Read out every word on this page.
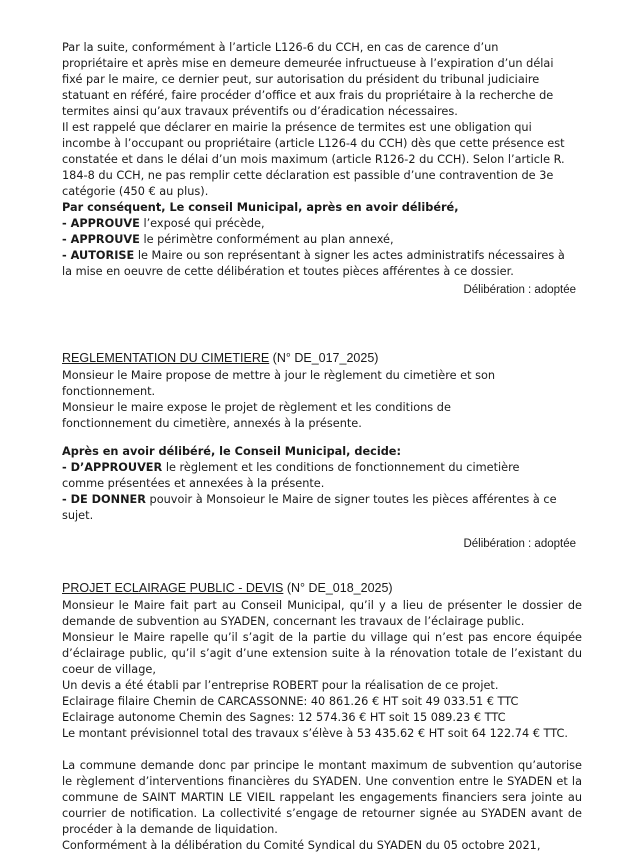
Par la suite, conformément à l’article L126-6 du CCH, en cas de carence d’un propriétaire et après mise en demeure demeurée infructueuse à l’expiration d’un délai fixé par le maire, ce dernier peut, sur autorisation du président du tribunal judiciaire statuant en référé, faire procéder d’office et aux frais du propriétaire à la recherche de termites ainsi qu’aux travaux préventifs ou d’éradication nécessaires.

Il est rappelé que déclarer en mairie la présence de termites est une obligation qui incombe à l’occupant ou propriétaire (article L126-4 du CCH) dès que cette présence est constatée et dans le délai d’un mois maximum (article R126-2 du CCH). Selon l’article R. 184-8 du CCH, ne pas remplir cette déclaration est passible d’une contravention de 3e catégorie (450 € au plus).

Par conséquent, Le conseil Municipal, après en avoir délibéré,

- APPROUVE l’exposé qui précède,

- APPROUVE le périmètre conformément au plan annexé,

- AUTORISE le Maire ou son représentant à signer les actes administratifs nécessaires à la mise en oeuvre de cette délibération et toutes pièces afférentes à ce dossier.

Délibération : adoptée
REGLEMENTATION DU CIMETIERE (N° DE_017_2025)

Monsieur le Maire propose de mettre à jour le règlement du cimetière et son fonctionnement.

Monsieur le maire expose le projet de règlement et les conditions de fonctionnement du cimetière, annexés à la présente.

Après en avoir délibéré, le Conseil Municipal, decide:

- D’APPROUVER le règlement et les conditions de fonctionnement du cimetière comme présentées et annexées à la présente.

- DE DONNER pouvoir à Monsoieur le Maire de signer toutes les pièces afférentes à ce sujet.

Délibération : adoptée
PROJET ECLAIRAGE PUBLIC - DEVIS (N° DE_018_2025)

Monsieur le Maire fait part au Conseil Municipal, qu’il y a lieu de présenter le dossier de demande de subvention au SYADEN, concernant les travaux de l’éclairage public.

Monsieur le Maire rapelle qu’il s’agit de la partie du village qui n’est pas encore équipée d’éclairage public, qu’il s’agit d’une extension suite à la rénovation totale de l’existant du coeur de village,

Un devis a été établi par l’entreprise ROBERT pour la réalisation de ce projet.

Eclairage filaire Chemin de CARCASSONNE: 40 861.26 € HT soit 49 033.51 € TTC

Eclairage autonome Chemin des Sagnes: 12 574.36 € HT soit 15 089.23 € TTC

Le montant prévisionnel total des travaux s’élève à 53 435.62 € HT soit 64 122.74 € TTC.

La commune demande donc par principe le montant maximum de subvention qu’autorise le règlement d’interventions financières du SYADEN. Une convention entre le SYADEN et la commune de SAINT MARTIN LE VIEIL rappelant les engagements financiers sera jointe au courrier de notification. La collectivité s’engage de retourner signée au SYADEN avant de procéder à la demande de liquidation.

Conformément à la délibération du Comité Syndical du SYADEN du 05 octobre 2021,
